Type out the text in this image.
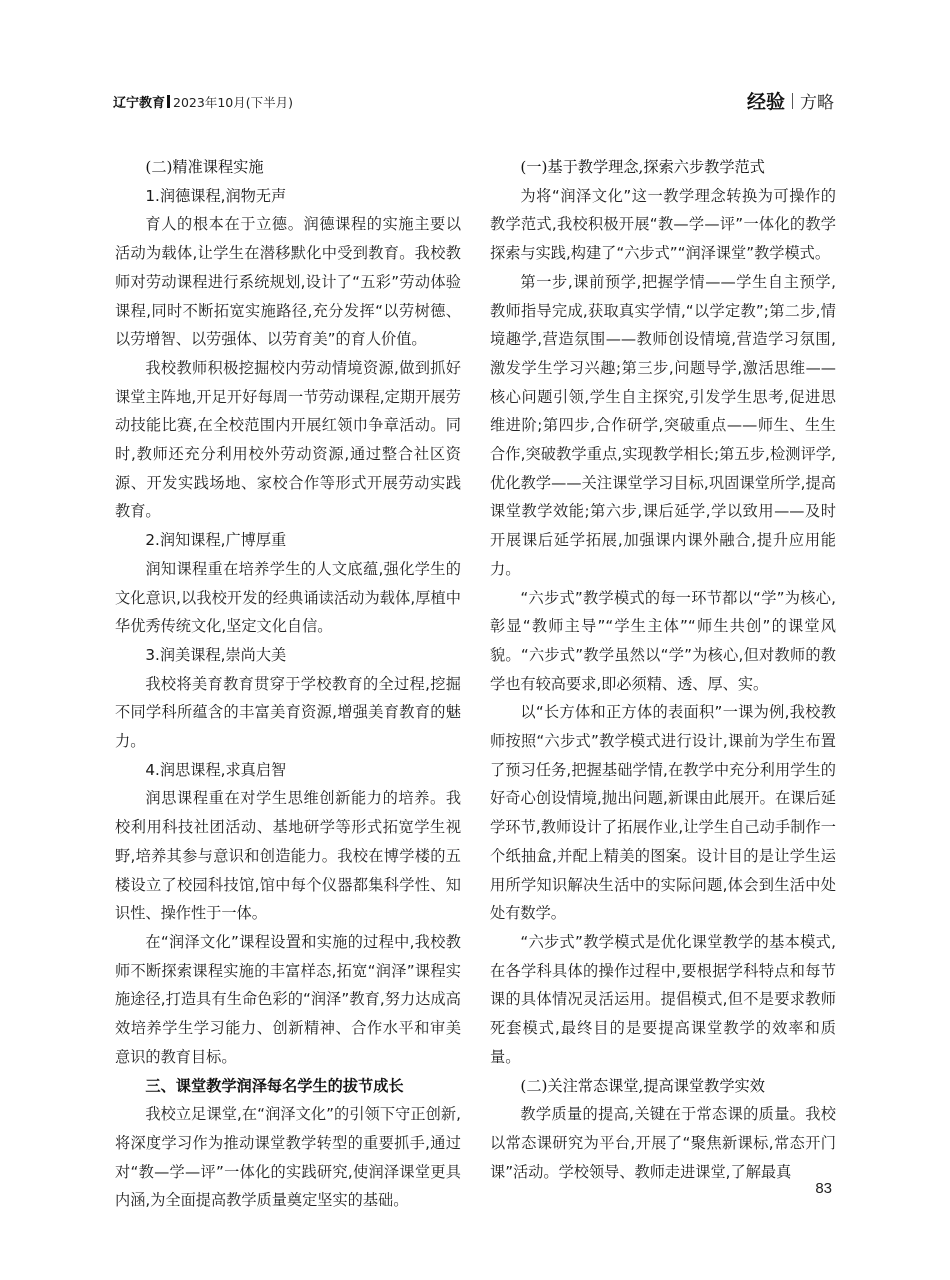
辽宁教育 2023年10月(下半月)	经验 方略

(二)精准课程实施

1.润德课程,润物无声

育人的根本在于立德。润德课程的实施主要以活动为载体,让学生在潜移默化中受到教育。我校教师对劳动课程进行系统规划,设计了“五彩”劳动体验课程,同时不断拓宽实施路径,充分发挥“以劳树德、以劳增智、以劳强体、以劳育美”的育人价值。

我校教师积极挖掘校内劳动情境资源,做到抓好课堂主阵地,开足开好每周一节劳动课程,定期开展劳动技能比赛,在全校范围内开展红领巾争章活动。同时,教师还充分利用校外劳动资源,通过整合社区资源、开发实践场地、家校合作等形式开展劳动实践教育。

2.润知课程,广博厚重

润知课程重在培养学生的人文底蕴,强化学生的文化意识,以我校开发的经典诵读活动为载体,厚植中华优秀传统文化,坚定文化自信。

3.润美课程,崇尚大美

我校将美育教育贯穿于学校教育的全过程,挖掘不同学科所蕴含的丰富美育资源,增强美育教育的魅力。

4.润思课程,求真启智

润思课程重在对学生思维创新能力的培养。我校利用科技社团活动、基地研学等形式拓宽学生视野,培养其参与意识和创造能力。我校在博学楼的五楼设立了校园科技馆,馆中每个仪器都集科学性、知识性、操作性于一体。

在“润泽文化”课程设置和实施的过程中,我校教师不断探索课程实施的丰富样态,拓宽“润泽”课程实施途径,打造具有生命色彩的“润泽”教育,努力达成高效培养学生学习能力、创新精神、合作水平和审美意识的教育目标。

三、课堂教学润泽每名学生的拔节成长

我校立足课堂,在“润泽文化”的引领下守正创新,将深度学习作为推动课堂教学转型的重要抓手,通过对“教—学—评”一体化的实践研究,使润泽课堂更具内涵,为全面提高教学质量奠定坚实的基础。

(一)基于教学理念,探索六步教学范式

为将“润泽文化”这一教学理念转换为可操作的教学范式,我校积极开展“教—学—评”一体化的教学探索与实践,构建了“六步式”“润泽课堂”教学模式。

第一步,课前预学,把握学情——学生自主预学,教师指导完成,获取真实学情,“以学定教”;第二步,情境趣学,营造氛围——教师创设情境,营造学习氛围,激发学生学习兴趣;第三步,问题导学,激活思维——核心问题引领,学生自主探究,引发学生思考,促进思维进阶;第四步,合作研学,突破重点——师生、生生合作,突破教学重点,实现教学相长;第五步,检测评学,优化教学——关注课堂学习目标,巩固课堂所学,提高课堂教学效能;第六步,课后延学,学以致用——及时开展课后延学拓展,加强课内课外融合,提升应用能力。

“六步式”教学模式的每一环节都以“学”为核心,彰显“教师主导”“学生主体”“师生共创”的课堂风貌。“六步式”教学虽然以“学”为核心,但对教师的教学也有较高要求,即必须精、透、厚、实。

以“长方体和正方体的表面积”一课为例,我校教师按照“六步式”教学模式进行设计,课前为学生布置了预习任务,把握基础学情,在教学中充分利用学生的好奇心创设情境,抛出问题,新课由此展开。在课后延学环节,教师设计了拓展作业,让学生自己动手制作一个纸抽盒,并配上精美的图案。设计目的是让学生运用所学知识解决生活中的实际问题,体会到生活中处处有数学。

“六步式”教学模式是优化课堂教学的基本模式,在各学科具体的操作过程中,要根据学科特点和每节课的具体情况灵活运用。提倡模式,但不是要求教师死套模式,最终目的是要提高课堂教学的效率和质量。

(二)关注常态课堂,提高课堂教学实效

教学质量的提高,关键在于常态课的质量。我校以常态课研究为平台,开展了“聚焦新课标,常态开门课”活动。学校领导、教师走进课堂,了解最真

83
